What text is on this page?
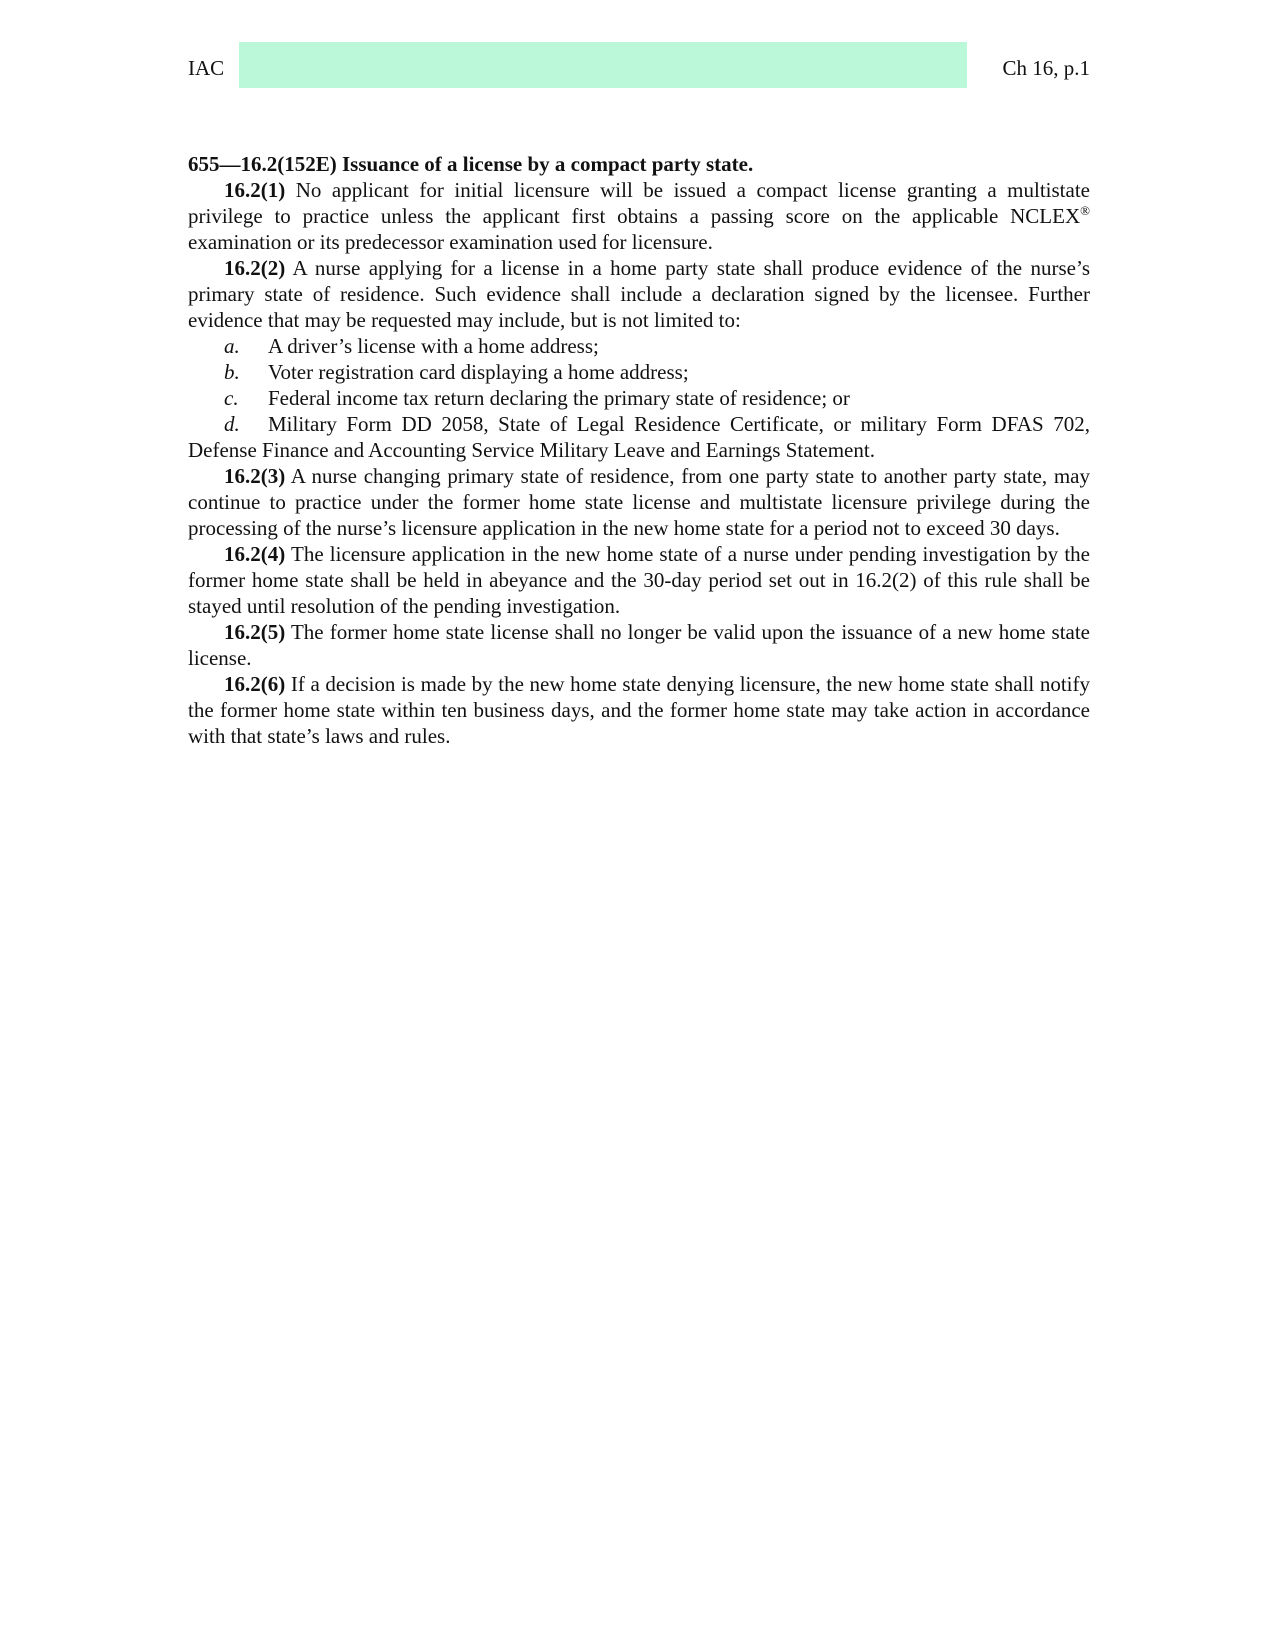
IAC	Ch 16, p.1

655—16.2(152E) Issuance of a license by a compact party state.

16.2(1) No applicant for initial licensure will be issued a compact license granting a multistate privilege to practice unless the applicant first obtains a passing score on the applicable NCLEX® examination or its predecessor examination used for licensure.

16.2(2) A nurse applying for a license in a home party state shall produce evidence of the nurse’s primary state of residence. Such evidence shall include a declaration signed by the licensee. Further evidence that may be requested may include, but is not limited to:

a. A driver’s license with a home address;

b. Voter registration card displaying a home address;

c. Federal income tax return declaring the primary state of residence; or

d. Military Form DD 2058, State of Legal Residence Certificate, or military Form DFAS 702, Defense Finance and Accounting Service Military Leave and Earnings Statement.

16.2(3) A nurse changing primary state of residence, from one party state to another party state, may continue to practice under the former home state license and multistate licensure privilege during the processing of the nurse’s licensure application in the new home state for a period not to exceed 30 days.

16.2(4) The licensure application in the new home state of a nurse under pending investigation by the former home state shall be held in abeyance and the 30-day period set out in 16.2(2) of this rule shall be stayed until resolution of the pending investigation.

16.2(5) The former home state license shall no longer be valid upon the issuance of a new home state license.

16.2(6) If a decision is made by the new home state denying licensure, the new home state shall notify the former home state within ten business days, and the former home state may take action in accordance with that state’s laws and rules.
